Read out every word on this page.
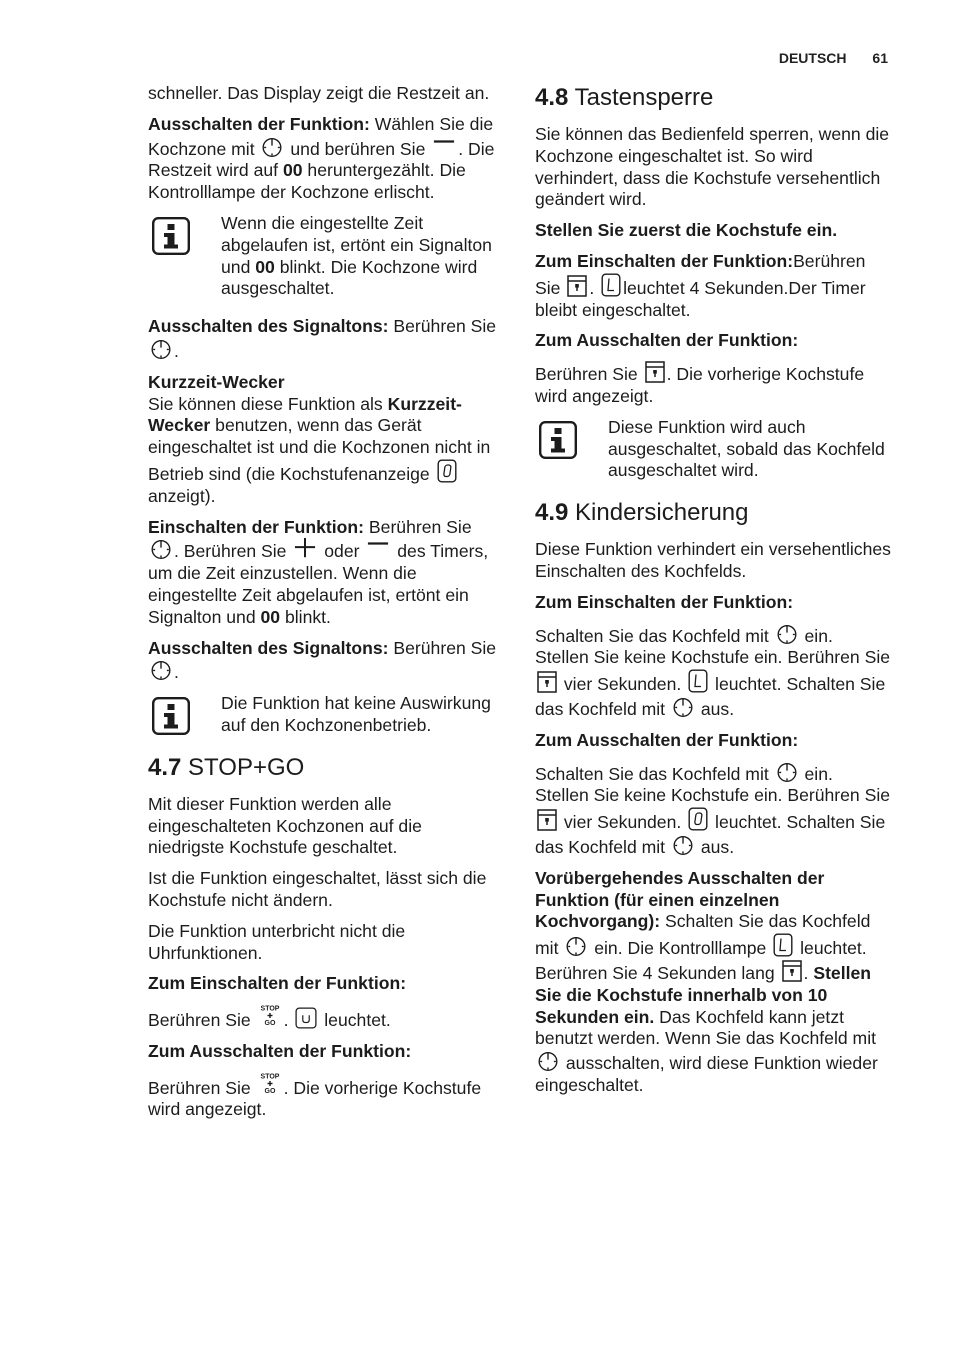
DEUTSCH 61

schneller. Das Display zeigt die Restzeit an.

Ausschalten der Funktion: Wählen Sie die Kochzone mit  und berühren Sie . Die Restzeit wird auf 00 heruntergezählt. Die Kontrolllampe der Kochzone erlischt.

Wenn die eingestellte Zeit abgelaufen ist, ertönt ein Signalton und 00 blinkt. Die Kochzone wird ausgeschaltet.

Ausschalten des Signaltons: Berühren Sie .

Kurzzeit-Wecker
Sie können diese Funktion als Kurzzeit-Wecker benutzen, wenn das Gerät eingeschaltet ist und die Kochzonen nicht in Betrieb sind (die Kochstufenanzeige  anzeigt).

Einschalten der Funktion: Berühren Sie . Berühren Sie  oder  des Timers, um die Zeit einzustellen. Wenn die eingestellte Zeit abgelaufen ist, ertönt ein Signalton und 00 blinkt.

Ausschalten des Signaltons: Berühren Sie .

Die Funktion hat keine Auswirkung auf den Kochzonenbetrieb.
4.7 STOP+GO

Mit dieser Funktion werden alle eingeschalteten Kochzonen auf die niedrigste Kochstufe geschaltet.

Ist die Funktion eingeschaltet, lässt sich die Kochstufe nicht ändern.

Die Funktion unterbricht nicht die Uhrfunktionen.

Zum Einschalten der Funktion:

Berühren Sie .  leuchtet.

Zum Ausschalten der Funktion:

Berühren Sie . Die vorherige Kochstufe wird angezeigt.

4.8 Tastensperre

Sie können das Bedienfeld sperren, wenn die Kochzone eingeschaltet ist. So wird verhindert, dass die Kochstufe versehentlich geändert wird.

Stellen Sie zuerst die Kochstufe ein.

Zum Einschalten der Funktion:Berühren Sie . leuchtet 4 Sekunden.Der Timer bleibt eingeschaltet.

Zum Ausschalten der Funktion:

Berühren Sie . Die vorherige Kochstufe wird angezeigt.

Diese Funktion wird auch ausgeschaltet, sobald das Kochfeld ausgeschaltet wird.
4.9 Kindersicherung

Diese Funktion verhindert ein versehentliches Einschalten des Kochfelds.

Zum Einschalten der Funktion:

Schalten Sie das Kochfeld mit  ein. Stellen Sie keine Kochstufe ein. Berühren Sie  vier Sekunden.  leuchtet. Schalten Sie das Kochfeld mit  aus.

Zum Ausschalten der Funktion:

Schalten Sie das Kochfeld mit  ein. Stellen Sie keine Kochstufe ein. Berühren Sie  vier Sekunden.  leuchtet. Schalten Sie das Kochfeld mit  aus.

Vorübergehendes Ausschalten der Funktion (für einen einzelnen Kochvorgang): Schalten Sie das Kochfeld mit  ein. Die Kontrolllampe  leuchtet. Berühren Sie 4 Sekunden lang . Stellen Sie die Kochstufe innerhalb von 10 Sekunden ein. Das Kochfeld kann jetzt benutzt werden. Wenn Sie das Kochfeld mit  ausschalten, wird diese Funktion wieder eingeschaltet.
